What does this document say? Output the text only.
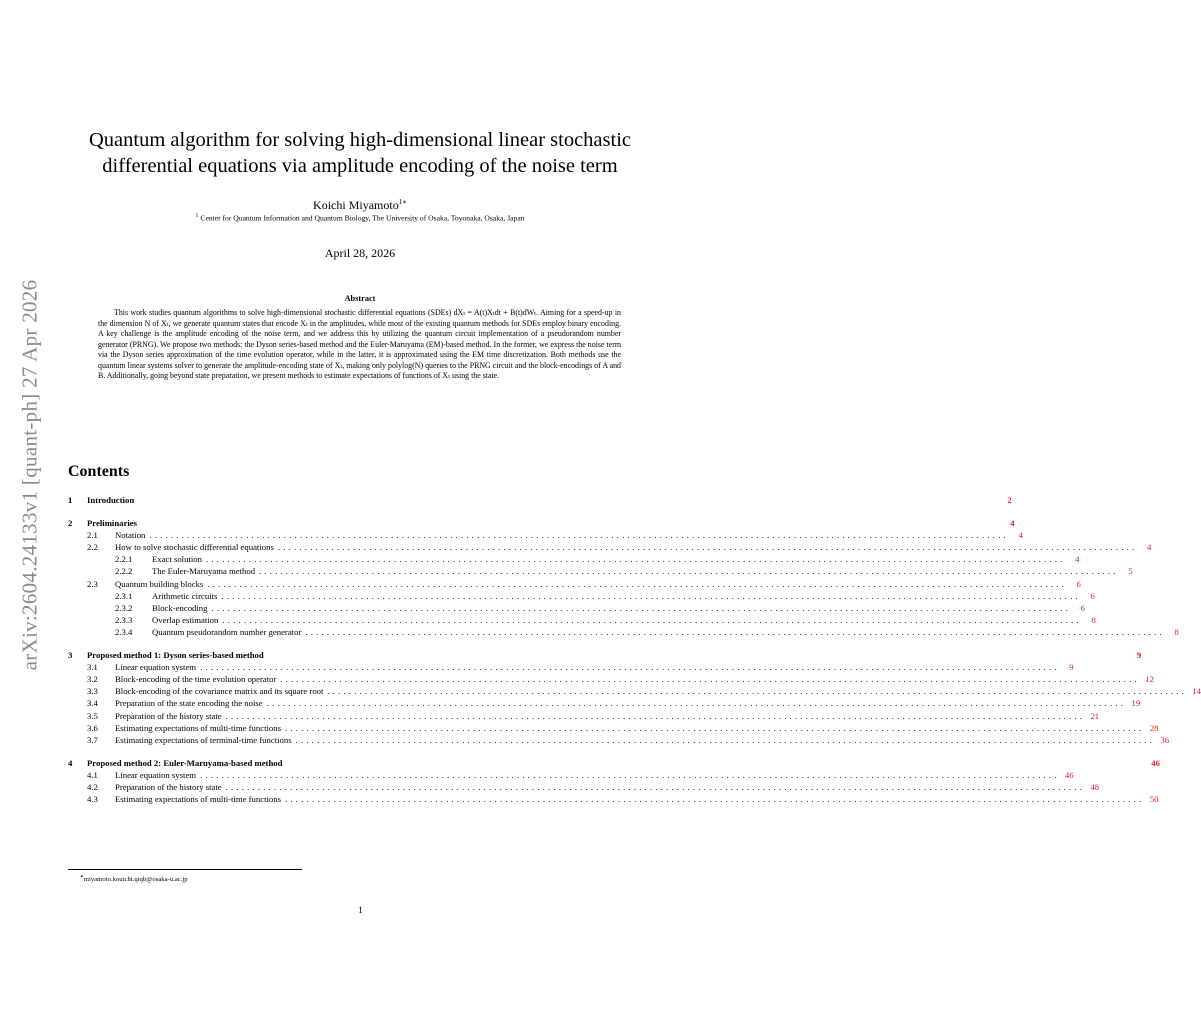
arXiv:2604.24133v1 [quant-ph] 27 Apr 2026
Quantum algorithm for solving high-dimensional linear stochastic
differential equations via amplitude encoding of the noise term
Koichi Miyamoto$^{1∗}$
$^1$ Center for Quantum Information and Quantum Biology, The University of Osaka, Toyonaka, Osaka, Japan
April 28, 2026
Abstract
This work studies quantum algorithms to solve high-dimensional stochastic differential equations (SDEs) dXₜ = A(t)Xₜdt + B(t)dWₜ. Aiming for a speed-up in the dimension N of Xₜ, we generate quantum states that encode Xₜ in the amplitudes, while most of the existing quantum methods for SDEs employ binary encoding. A key challenge is the amplitude encoding of the noise term, and we address this by utilizing the quantum circuit implementation of a pseudorandom number generator (PRNG). We propose two methods: the Dyson series-based method and the Euler-Maruyama (EM)-based method. In the former, we express the noise term via the Dyson series approximation of the time evolution operator, while in the latter, it is approximated using the EM time discretization. Both methods use the quantum linear systems solver to generate the amplitude-encoding state of Xₜ, making only polylog(N) queries to the PRNG circuit and the block-encodings of A and B. Additionally, going beyond state preparation, we present methods to estimate expectations of functions of Xₜ using the state.
Contents
1	Introduction	2
2	Preliminaries	4
2.1	Notation ................................................................................................................................................................	4
2.2	How to solve stochastic differential equations ................................................................................................................................................................	4
2.2.1	Exact solution ................................................................................................................................................................	4
2.2.2	The Euler-Maruyama method ................................................................................................................................................................	5
2.3	Quantum building blocks ................................................................................................................................................................	6
2.3.1	Arithmetic circuits ................................................................................................................................................................	6
2.3.2	Block-encoding ................................................................................................................................................................	6
2.3.3	Overlap estimation ................................................................................................................................................................	8
2.3.4	Quantum pseudorandom number generator ................................................................................................................................................................	8
3	Proposed method 1: Dyson series-based method	9
3.1	Linear equation system ................................................................................................................................................................	9
3.2	Block-encoding of the time evolution operator ................................................................................................................................................................ 12
3.3	Block-encoding of the covariance matrix and its square root ................................................................................................................................................................ 14
3.4	Preparation of the state encoding the noise ................................................................................................................................................................ 19
3.5	Preparation of the history state ................................................................................................................................................................ 21
3.6	Estimating expectations of multi-time functions ................................................................................................................................................................ 28
3.7	Estimating expectations of terminal-time functions ................................................................................................................................................................ 36
4	Proposed method 2: Euler-Maruyama-based method	46
4.1	Linear equation system ................................................................................................................................................................ 46
4.2	Preparation of the history state ................................................................................................................................................................ 48
4.3	Estimating expectations of multi-time functions ................................................................................................................................................................ 50
∗miyamoto.kouichi.qiqb@osaka-u.ac.jp
1
